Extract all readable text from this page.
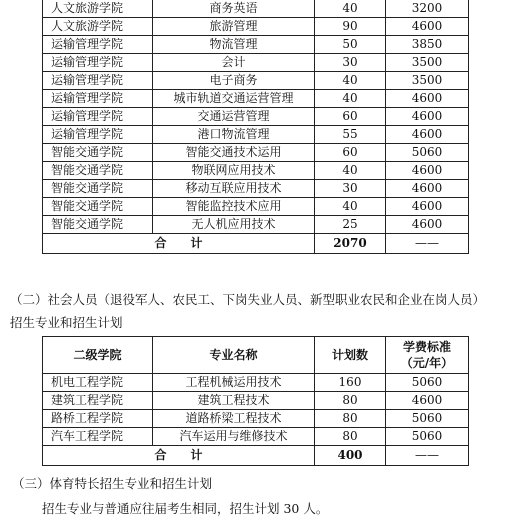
人文旅游学院	商务英语	40	3200
人文旅游学院	旅游管理	90	4600
运输管理学院	物流管理	50	3850
运输管理学院	会计	30	3500
运输管理学院	电子商务	40	3500
运输管理学院	城市轨道交通运营管理	40	4600
运输管理学院	交通运营管理	60	4600
运输管理学院	港口物流管理	55	4600
智能交通学院	智能交通技术运用	60	5060
智能交通学院	物联网应用技术	40	4600
智能交通学院	移动互联应用技术	30	4600
智能交通学院	智能监控技术应用	40	4600
智能交通学院	无人机应用技术	25	4600
合　　计		2070	——
（二）社会人员（退役军人、农民工、下岗失业人员、新型职业农民和企业在岗人员）
招生专业和招生计划
二级学院	专业名称	计划数	学费标准
（元/年）

机电工程学院	工程机械运用技术	160	5060
建筑工程学院	建筑工程技术	80	4600
路桥工程学院	道路桥梁工程技术	80	5060
汽车工程学院	汽车运用与维修技术	80	5060
合　　计		400	——
（三）体育特长招生专业和招生计划
招生专业与普通应往届考生相同，招生计划 30 人。
